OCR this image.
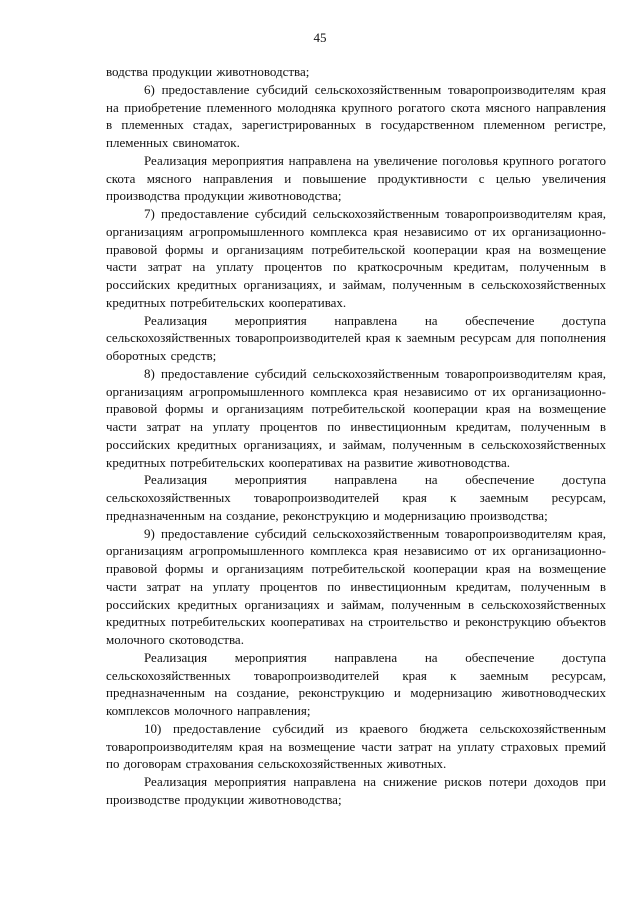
45

водства продукции животноводства;

6) предоставление субсидий сельскохозяйственным товаропроизводителям края на приобретение племенного молодняка крупного рогатого скота мясного направления в племенных стадах, зарегистрированных в государственном племенном регистре, племенных свиноматок.

Реализация мероприятия направлена на увеличение поголовья крупного рогатого скота мясного направления и повышение продуктивности с целью увеличения производства продукции животноводства;

7) предоставление субсидий сельскохозяйственным товаропроизводителям края, организациям агропромышленного комплекса края независимо от их организационно-правовой формы и организациям потребительской кооперации края на возмещение части затрат на уплату процентов по краткосрочным кредитам, полученным в российских кредитных организациях, и займам, полученным в сельскохозяйственных кредитных потребительских кооперативах.

Реализация мероприятия направлена на обеспечение доступа сельскохозяйственных товаропроизводителей края к заемным ресурсам для пополнения оборотных средств;

8) предоставление субсидий сельскохозяйственным товаропроизводителям края, организациям агропромышленного комплекса края независимо от их организационно-правовой формы и организациям потребительской кооперации края на возмещение части затрат на уплату процентов по инвестиционным кредитам, полученным в российских кредитных организациях, и займам, полученным в сельскохозяйственных кредитных потребительских кооперативах на развитие животноводства.

Реализация мероприятия направлена на обеспечение доступа сельскохозяйственных товаропроизводителей края к заемным ресурсам, предназначенным на создание, реконструкцию и модернизацию производства;

9) предоставление субсидий сельскохозяйственным товаропроизводителям края, организациям агропромышленного комплекса края независимо от их организационно-правовой формы и организациям потребительской кооперации края на возмещение части затрат на уплату процентов по инвестиционным кредитам, полученным в российских кредитных организациях и займам, полученным в сельскохозяйственных кредитных потребительских кооперативах на строительство и реконструкцию объектов молочного скотоводства.

Реализация мероприятия направлена на обеспечение доступа сельскохозяйственных товаропроизводителей края к заемным ресурсам, предназначенным на создание, реконструкцию и модернизацию животноводческих комплексов молочного направления;

10) предоставление субсидий из краевого бюджета сельскохозяйственным товаропроизводителям края на возмещение части затрат на уплату страховых премий по договорам страхования сельскохозяйственных животных.

Реализация мероприятия направлена на снижение рисков потери доходов при производстве продукции животноводства;
